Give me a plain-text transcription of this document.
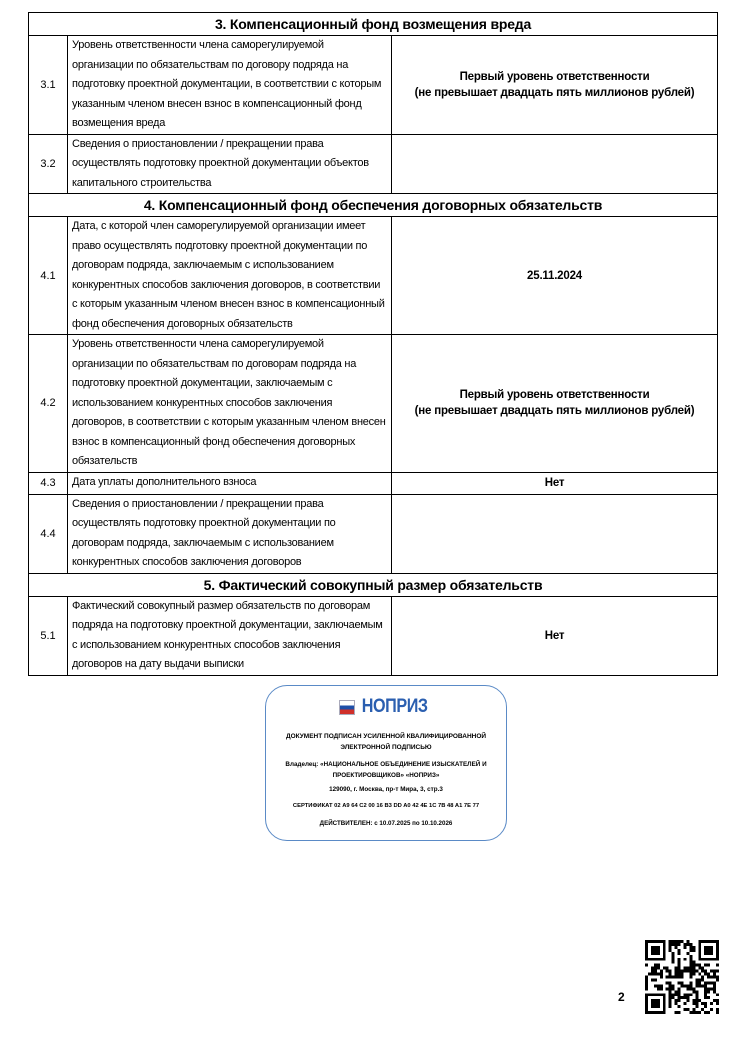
3. Компенсационный фонд возмещения вреда		
3.1	Уровень ответственности члена саморегулируемой организации по обязательствам по договору подряда на подготовку проектной документации, в соответствии с которым указанным членом внесен взнос в компенсационный фонд возмещения вреда	Первый уровень ответственности
(не превышает двадцать пять миллионов рублей)

3.2	Сведения о приостановлении / прекращении права осуществлять подготовку проектной документации объектов капитального строительства	
4. Компенсационный фонд обеспечения договорных обязательств		
4.1	Дата, с которой член саморегулируемой организации имеет право осуществлять подготовку проектной документации по договорам подряда, заключаемым с использованием конкурентных способов заключения договоров, в соответствии с которым указанным членом внесен взнос в компенсационный фонд обеспечения договорных обязательств	25.11.2024
4.2	Уровень ответственности члена саморегулируемой организации по обязательствам по договорам подряда на подготовку проектной документации, заключаемым с использованием конкурентных способов заключения договоров, в соответствии с которым указанным членом внесен взнос в компенсационный фонд обеспечения договорных обязательств	Первый уровень ответственности
(не превышает двадцать пять миллионов рублей)

4.3	Дата уплаты дополнительного взноса	Нет
4.4	Сведения о приостановлении / прекращении права осуществлять подготовку проектной документации по договорам подряда, заключаемым с использованием конкурентных способов заключения договоров	
5. Фактический совокупный размер обязательств		
5.1	Фактический совокупный размер обязательств по договорам подряда на подготовку проектной документации, заключаемым с использованием конкурентных способов заключения договоров на дату выдачи выписки	Нет
НОПРИЗ
ДОКУМЕНТ ПОДПИСАН УСИЛЕННОЙ КВАЛИФИЦИРОВАННОЙ ЭЛЕКТРОННОЙ ПОДПИСЬЮ
Владелец: «НАЦИОНАЛЬНОЕ ОБЪЕДИНЕНИЕ ИЗЫСКАТЕЛЕЙ И ПРОЕКТИРОВЩИКОВ» «НОПРИЗ»
129090, г. Москва, пр-т Мира, 3, стр.3
СЕРТИФИКАТ 02 A9 64 C2 00 16 B3 DD A0 42 4E 1C 7B 48 A1 7E 77
ДЕЙСТВИТЕЛЕН: с 10.07.2025 по 10.10.2026
2
